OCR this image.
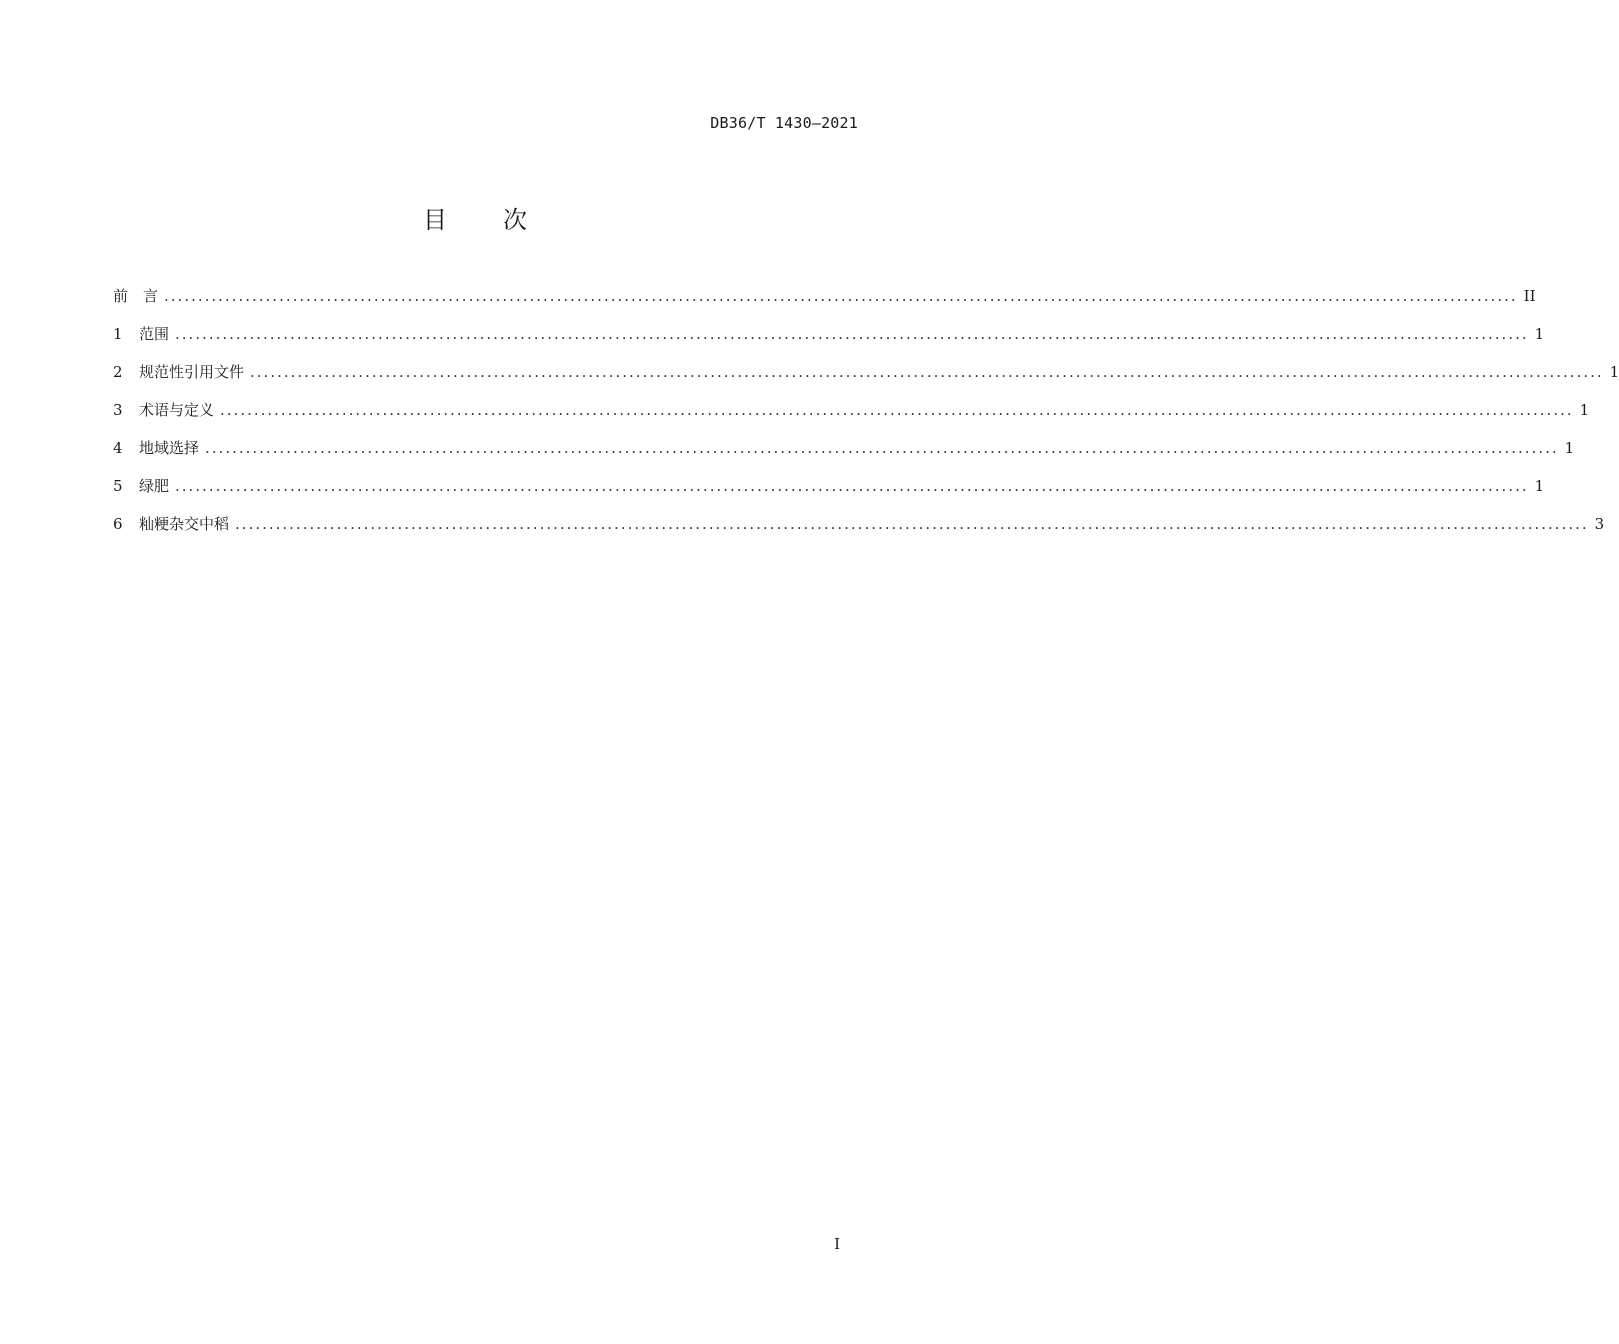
DB36/T 1430—2021
目次
前　言 ........................................................................................................................................................................................................ II
1	范围 ........................................................................................................................................................................................................ 1
2	规范性引用文件 ........................................................................................................................................................................................................ 1
3	术语与定义 ........................................................................................................................................................................................................ 1
4	地域选择 ........................................................................................................................................................................................................ 1
5	绿肥 ........................................................................................................................................................................................................ 1
6	籼粳杂交中稻 ........................................................................................................................................................................................................ 3
I
